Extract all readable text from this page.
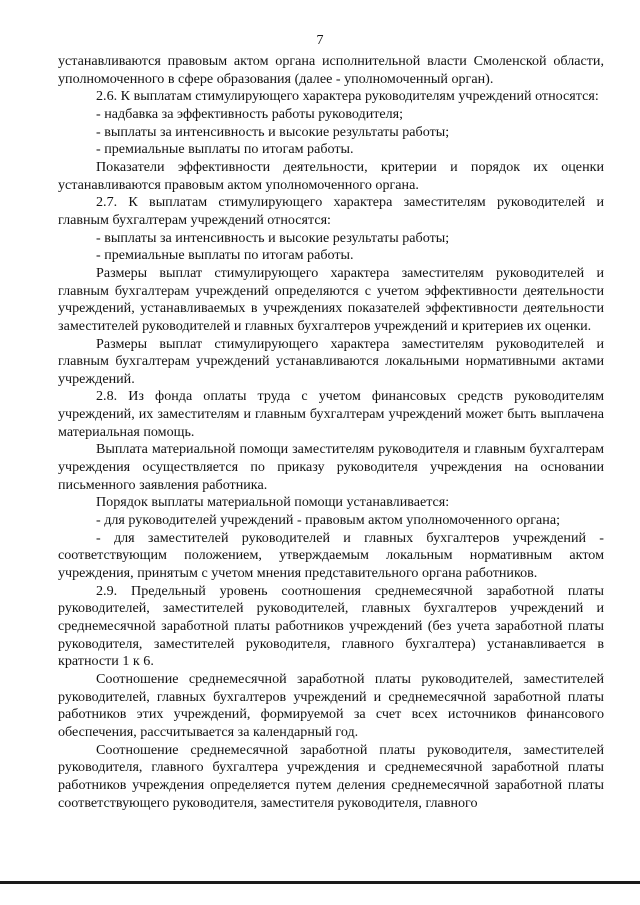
7

устанавливаются правовым актом органа исполнительной власти Смоленской области, уполномоченного в сфере образования (далее - уполномоченный орган).

2.6. К выплатам стимулирующего характера руководителям учреждений относятся:

- надбавка за эффективность работы руководителя;

- выплаты за интенсивность и высокие результаты работы;

- премиальные выплаты по итогам работы.

Показатели эффективности деятельности, критерии и порядок их оценки устанавливаются правовым актом уполномоченного органа.

2.7. К выплатам стимулирующего характера заместителям руководителей и главным бухгалтерам учреждений относятся:

- выплаты за интенсивность и высокие результаты работы;

- премиальные выплаты по итогам работы.

Размеры выплат стимулирующего характера заместителям руководителей и главным бухгалтерам учреждений определяются с учетом эффективности деятельности учреждений, устанавливаемых в учреждениях показателей эффективности деятельности заместителей руководителей и главных бухгалтеров учреждений и критериев их оценки.

Размеры выплат стимулирующего характера заместителям руководителей и главным бухгалтерам учреждений устанавливаются локальными нормативными актами учреждений.

2.8. Из фонда оплаты труда с учетом финансовых средств руководителям учреждений, их заместителям и главным бухгалтерам учреждений может быть выплачена материальная помощь.

Выплата материальной помощи заместителям руководителя и главным бухгалтерам учреждения осуществляется по приказу руководителя учреждения на основании письменного заявления работника.

Порядок выплаты материальной помощи устанавливается:

- для руководителей учреждений - правовым актом уполномоченного органа;

- для заместителей руководителей и главных бухгалтеров учреждений - соответствующим положением, утверждаемым локальным нормативным актом учреждения, принятым с учетом мнения представительного органа работников.

2.9. Предельный уровень соотношения среднемесячной заработной платы руководителей, заместителей руководителей, главных бухгалтеров учреждений и среднемесячной заработной платы работников учреждений (без учета заработной платы руководителя, заместителей руководителя, главного бухгалтера) устанавливается в кратности 1 к 6.

Соотношение среднемесячной заработной платы руководителей, заместителей руководителей, главных бухгалтеров учреждений и среднемесячной заработной платы работников этих учреждений, формируемой за счет всех источников финансового обеспечения, рассчитывается за календарный год.

Соотношение среднемесячной заработной платы руководителя, заместителей руководителя, главного бухгалтера учреждения и среднемесячной заработной платы работников учреждения определяется путем деления среднемесячной заработной платы соответствующего руководителя, заместителя руководителя, главного
